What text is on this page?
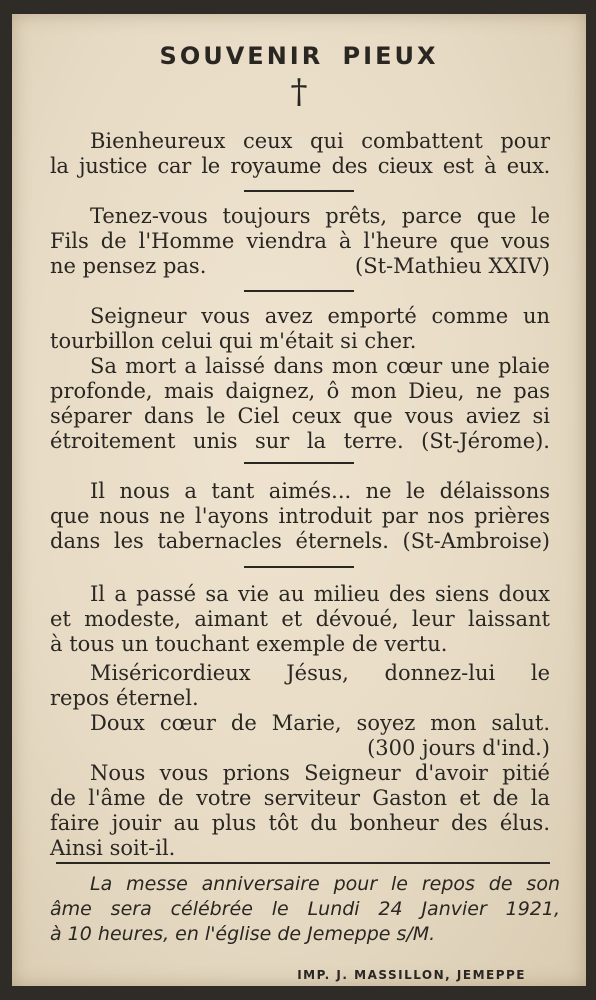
SOUVENIR PIEUX
†
Bienheureux ceux qui combattent pour
la justice car le royaume des cieux est à eux.
Tenez-vous toujours prêts, parce que le
Fils de l'Homme viendra à l'heure que vous
ne pensez pas.	(St-Mathieu XXIV)
Seigneur vous avez emporté comme un
tourbillon celui qui m'était si cher.
Sa mort a laissé dans mon cœur une plaie
profonde, mais daignez, ô mon Dieu, ne pas
séparer dans le Ciel ceux que vous aviez si
étroitement unis sur la terre. (St-Jérome).
Il nous a tant aimés... ne le délaissons
que nous ne l'ayons introduit par nos prières
dans les tabernacles éternels. (St-Ambroise)
Il a passé sa vie au milieu des siens doux
et modeste, aimant et dévoué, leur laissant
à tous un touchant exemple de vertu.
Miséricordieux Jésus, donnez-lui le
repos éternel.
Doux cœur de Marie, soyez mon salut.
(300 jours d'ind.)
Nous vous prions Seigneur d'avoir pitié
de l'âme de votre serviteur Gaston et de la
faire jouir au plus tôt du bonheur des élus.
Ainsi soit-il.
La messe anniversaire pour le repos de son
âme sera célébrée le Lundi 24 Janvier 1921,
à 10 heures, en l'église de Jemeppe s/M.
IMP. J. MASSILLON, JEMEPPE
